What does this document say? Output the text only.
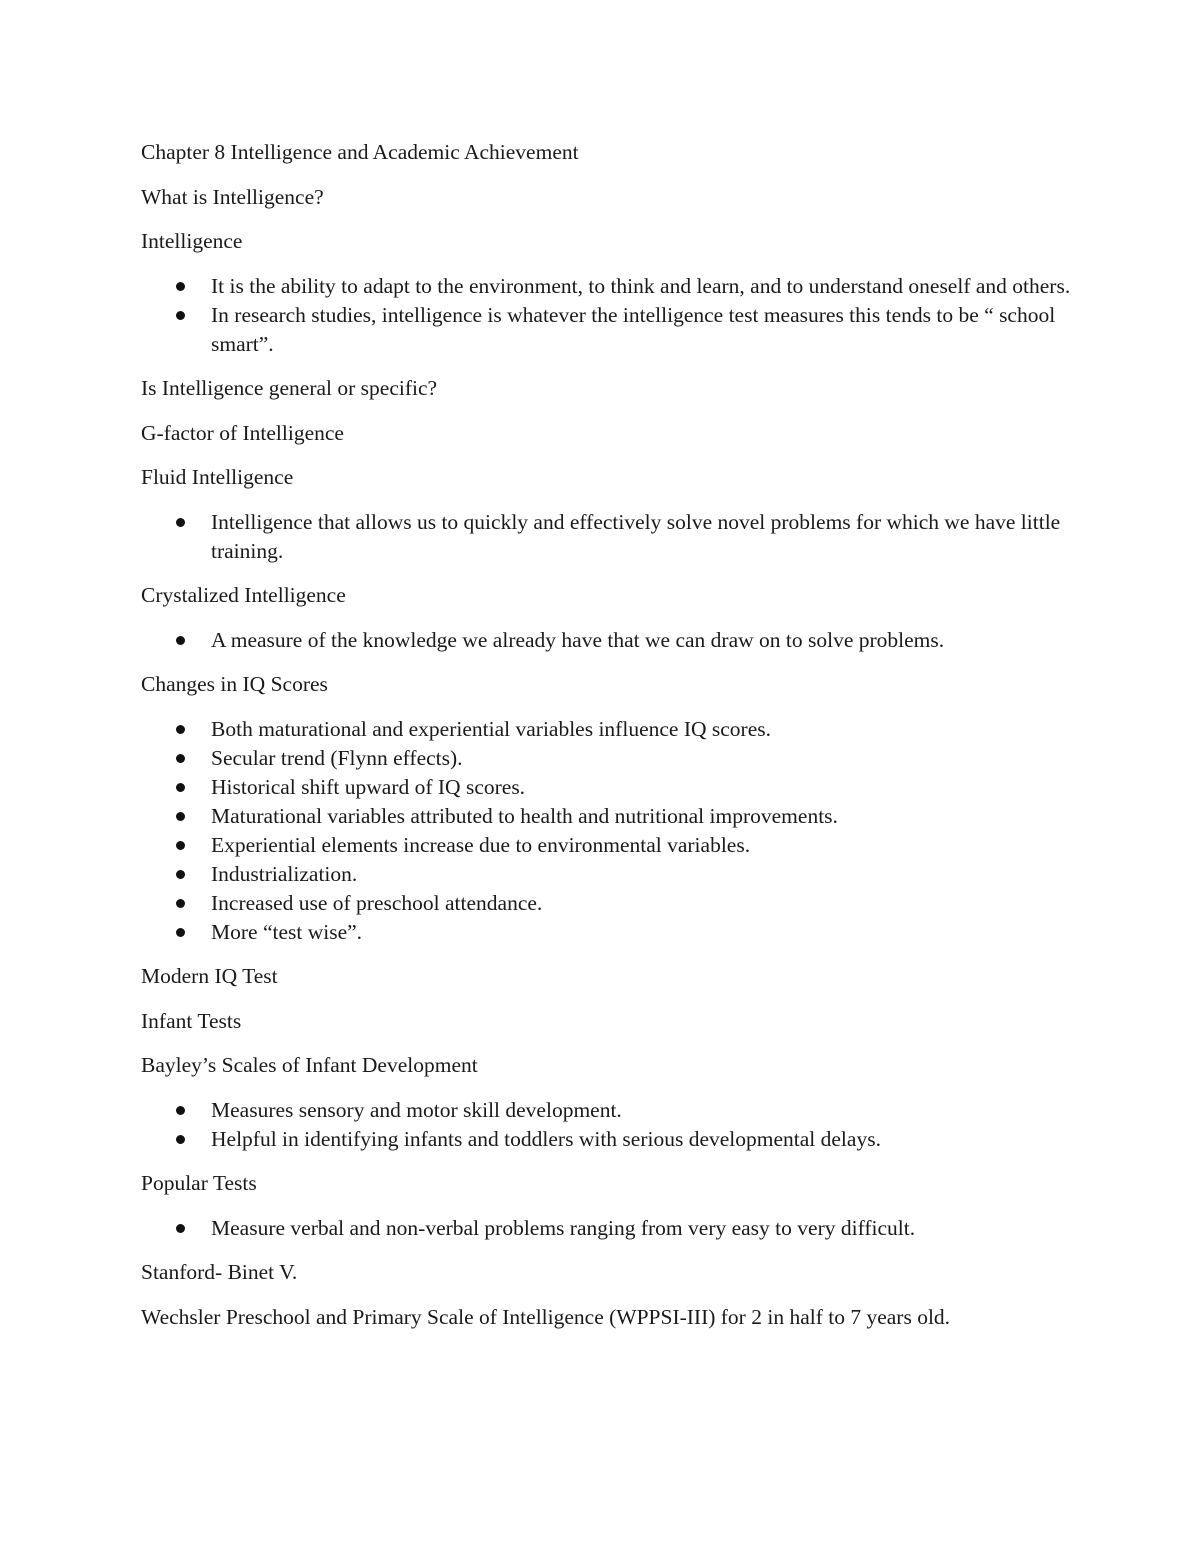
Chapter 8 Intelligence and Academic Achievement
What is Intelligence?
Intelligence
It is the ability to adapt to the environment, to think and learn, and to understand oneself and others.
In research studies, intelligence is whatever the intelligence test measures this tends to be “ school smart”.
Is Intelligence general or specific?
G-factor of Intelligence
Fluid Intelligence
Intelligence that allows us to quickly and effectively solve novel problems for which we have little training.
Crystalized Intelligence
A measure of the knowledge we already have that we can draw on to solve problems.
Changes in IQ Scores
Both maturational and experiential variables influence IQ scores.
Secular trend (Flynn effects).
Historical shift upward of IQ scores.
Maturational variables attributed to health and nutritional improvements.
Experiential elements increase due to environmental variables.
Industrialization.
Increased use of preschool attendance.
More “test wise”.
Modern IQ Test
Infant Tests
Bayley’s Scales of Infant Development
Measures sensory and motor skill development.
Helpful in identifying infants and toddlers with serious developmental delays.
Popular Tests
Measure verbal and non-verbal problems ranging from very easy to very difficult.
Stanford- Binet V.
Wechsler Preschool and Primary Scale of Intelligence (WPPSI-III) for 2 in half to 7 years old.
